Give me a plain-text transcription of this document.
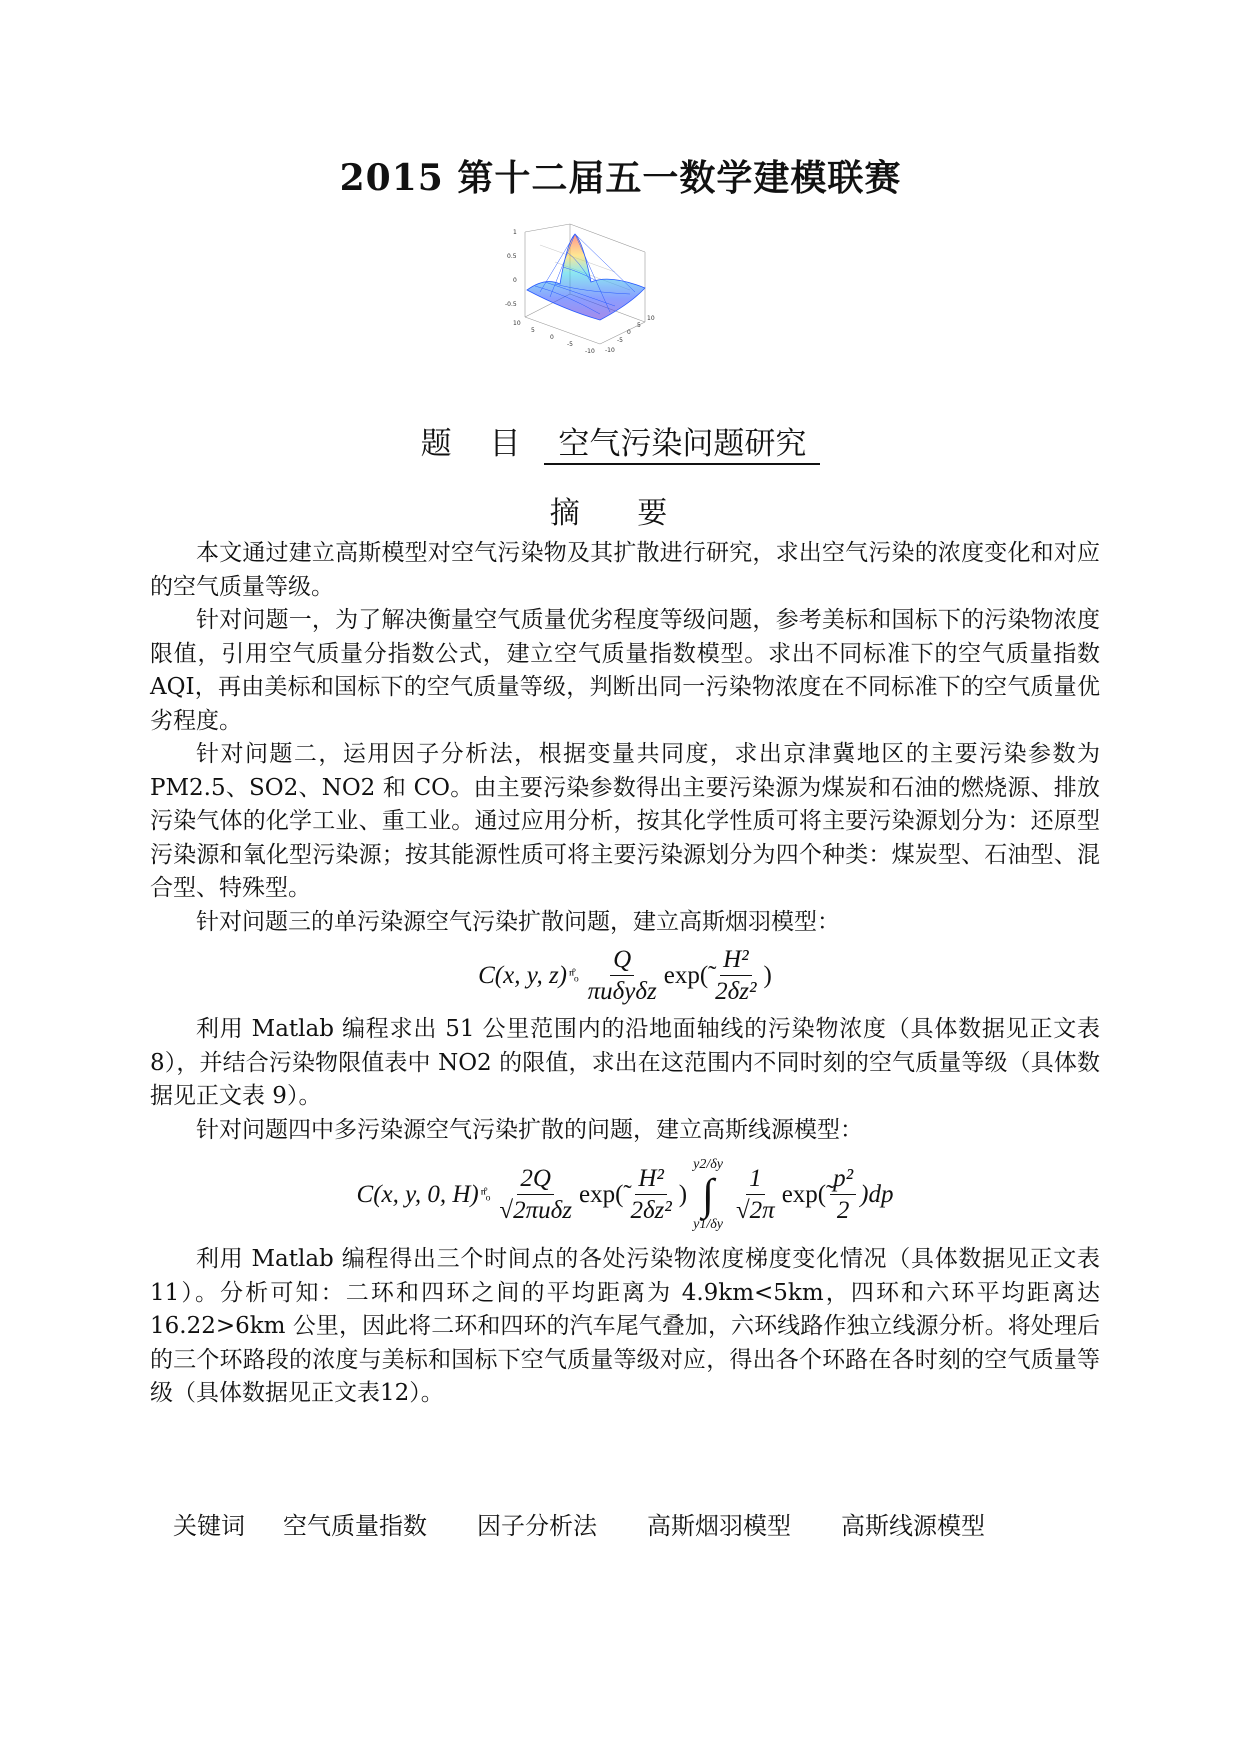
2015 第十二届五一数学建模联赛
1
0.5
0
-0.5
10
5
0
-5
-10 -10
-5
0
5
10
题 目 空气污染问题研究
摘 要

本文通过建立高斯模型对空气污染物及其扩散进行研究，求出空气污染的浓度变化和对应的空气质量等级。

针对问题一，为了解决衡量空气质量优劣程度等级问题，参考美标和国标下的污染物浓度限值，引用空气质量分指数公式，建立空气质量指数模型。求出不同标准下的空气质量指数 AQI，再由美标和国标下的空气质量等级，判断出同一污染物浓度在不同标准下的空气质量优劣程度。

针对问题二，运用因子分析法，根据变量共同度，求出京津冀地区的主要污染参数为 PM2.5、SO2、NO2 和 CO。由主要污染参数得出主要污染源为煤炭和石油的燃烧源、排放污染气体的化学工业、重工业。通过应用分析，按其化学性质可将主要污染源划分为：还原型污染源和氧化型污染源；按其能源性质可将主要污染源划分为四个种类：煤炭型、石油型、混合型、特殊型。

针对问题三的单污染源空气污染扩散问题，建立高斯烟羽模型：

C(x, y, z) ⁿ̊ₒ $\frac{Q}{\text{πuδyδz}}$ exp(̃ $\frac{\text{H²}}{\text{2δz²}}$ )

利用 Matlab 编程求出 51 公里范围内的沿地面轴线的污染物浓度（具体数据见正文表 8），并结合污染物限值表中 NO2 的限值，求出在这范围内不同时刻的空气质量等级（具体数据见正文表 9）。

针对问题四中多污染源空气污染扩散的问题，建立高斯线源模型：

C(x, y, 0, H) ⁿ̊ₒ $\frac{2Q}{\text{√2πuδz}}$ exp(̃ $\frac{\text{H²}}{\text{2δz²}}$ )
y2/δy
∫
$y1/\delta y \frac{1}{√2\pi}$ exp(̃ $\frac{\text{p²}}{2} )dp$

利用 Matlab 编程得出三个时间点的各处污染物浓度梯度变化情况（具体数据见正文表11）。分析可知：二环和四环之间的平均距离为 4.9km<5km，四环和六环平均距离达 16.22>6km 公里，因此将二环和四环的汽车尾气叠加，六环线路作独立线源分析。将处理后的三个环路段的浓度与美标和国标下空气质量等级对应，得出各个环路在各时刻的空气质量等级（具体数据见正文表12）。

关键词 空气质量指数 因子分析法 高斯烟羽模型 高斯线源模型
